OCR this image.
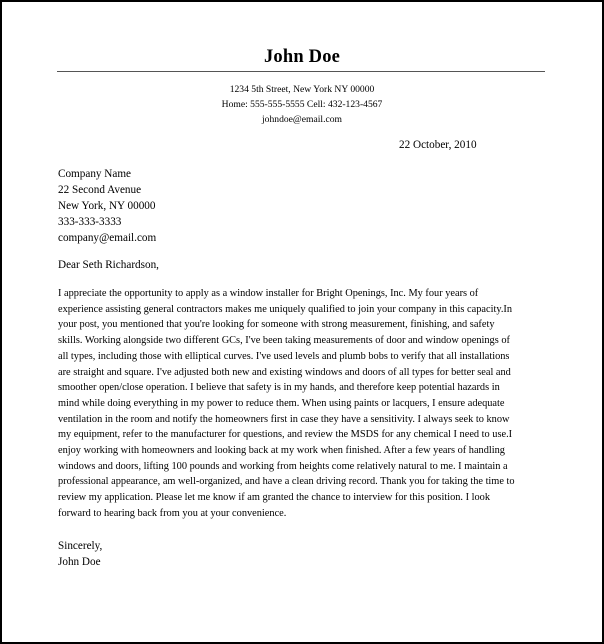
John Doe
1234 5th Street, New York NY 00000
Home: 555-555-5555 Cell: 432-123-4567
johndoe@email.com
22 October, 2010
Company Name
22 Second Avenue
New York, NY 00000
333-333-3333
company@email.com
Dear Seth Richardson,

I appreciate the opportunity to apply as a window installer for Bright Openings, Inc. My four years of
experience assisting general contractors makes me uniquely qualified to join your company in this capacity.In
your post, you mentioned that you're looking for someone with strong measurement, finishing, and safety
skills. Working alongside two different GCs, I've been taking measurements of door and window openings of
all types, including those with elliptical curves. I've used levels and plumb bobs to verify that all installations
are straight and square. I've adjusted both new and existing windows and doors of all types for better seal and
smoother open/close operation. I believe that safety is in my hands, and therefore keep potential hazards in
mind while doing everything in my power to reduce them. When using paints or lacquers, I ensure adequate
ventilation in the room and notify the homeowners first in case they have a sensitivity. I always seek to know
my equipment, refer to the manufacturer for questions, and review the MSDS for any chemical I need to use.I
enjoy working with homeowners and looking back at my work when finished. After a few years of handling
windows and doors, lifting 100 pounds and working from heights come relatively natural to me. I maintain a
professional appearance, am well-organized, and have a clean driving record. Thank you for taking the time to
review my application. Please let me know if am granted the chance to interview for this position. I look
forward to hearing back from you at your convenience.

Sincerely,
John Doe
